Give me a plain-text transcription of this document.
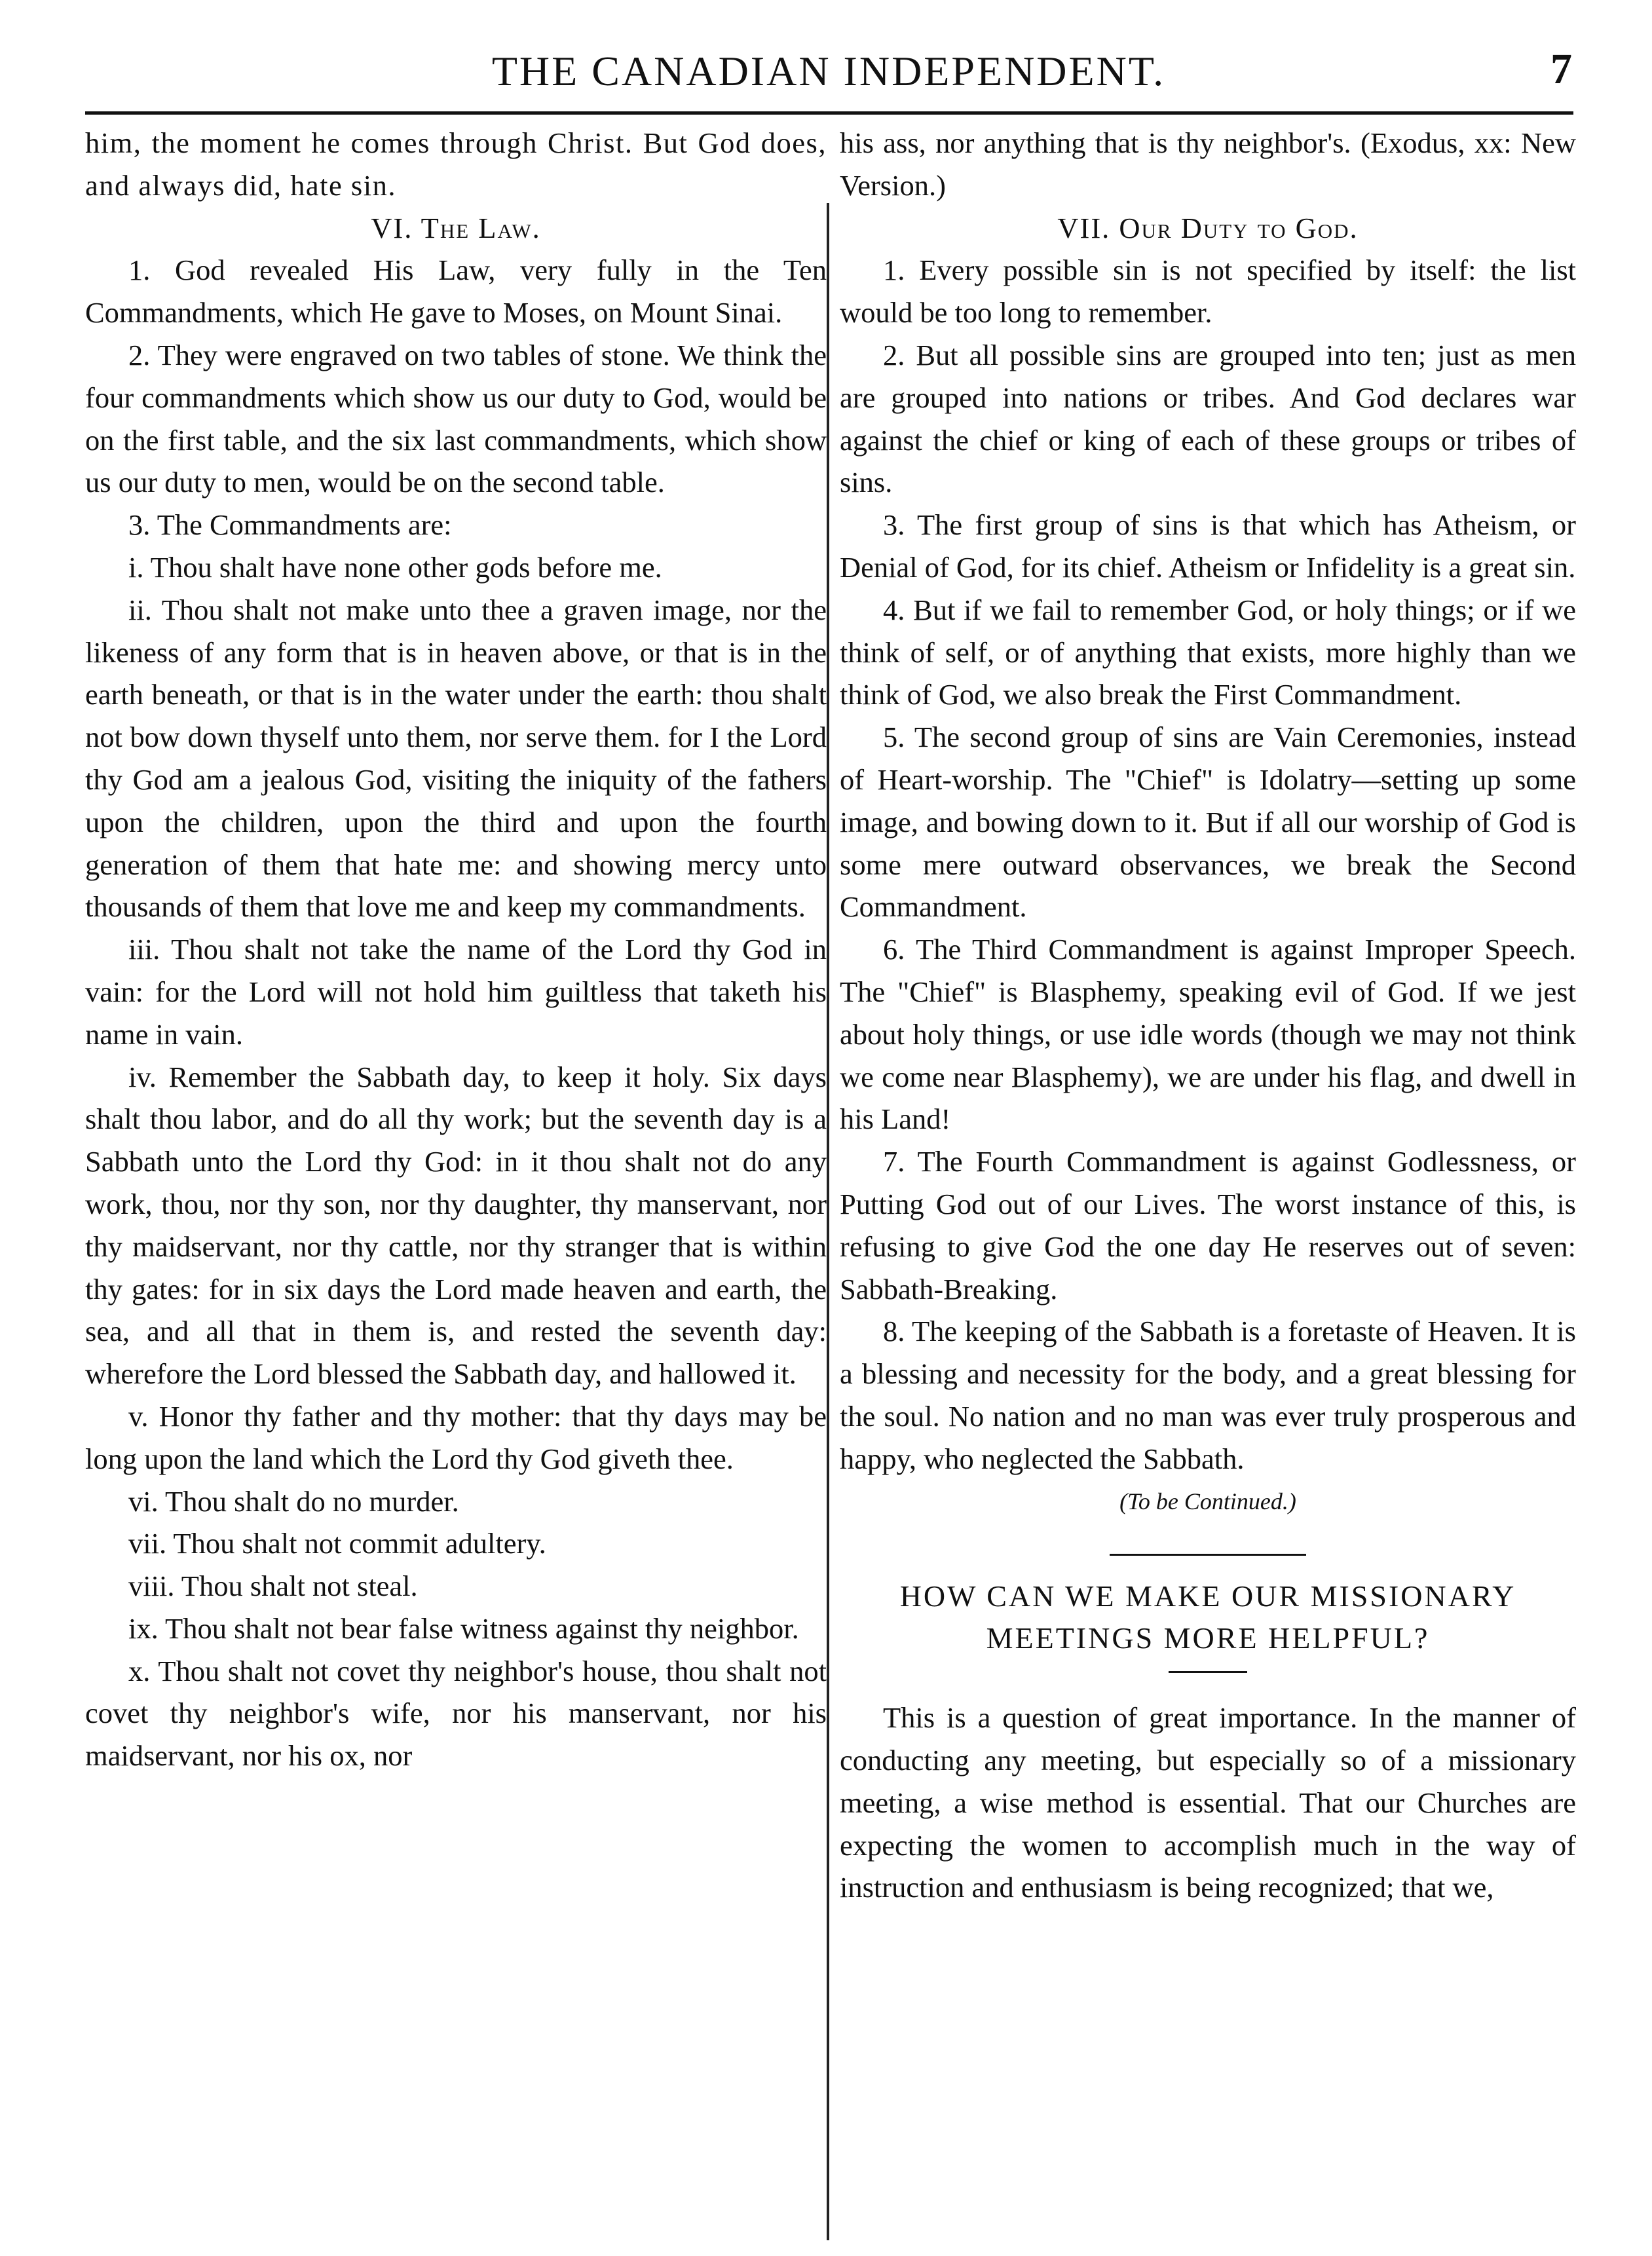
THE CANADIAN INDEPENDENT.	7

him, the moment he comes through Christ. But God does, and always did, hate sin.

VI. The Law.

1. God revealed His Law, very fully in the Ten Commandments, which He gave to Moses, on Mount Sinai.

2. They were engraved on two tables of stone. We think the four commandments which show us our duty to God, would be on the first table, and the six last commandments, which show us our duty to men, would be on the second table.

3. The Commandments are:

i. Thou shalt have none other gods before me.

ii. Thou shalt not make unto thee a graven image, nor the likeness of any form that is in heaven above, or that is in the earth beneath, or that is in the water under the earth: thou shalt not bow down thyself unto them, nor serve them. for I the Lord thy God am a jealous God, visiting the iniquity of the fathers upon the children, upon the third and upon the fourth generation of them that hate me: and showing mercy unto thousands of them that love me and keep my commandments.

iii. Thou shalt not take the name of the Lord thy God in vain: for the Lord will not hold him guiltless that taketh his name in vain.

iv. Remember the Sabbath day, to keep it holy. Six days shalt thou labor, and do all thy work; but the seventh day is a Sabbath unto the Lord thy God: in it thou shalt not do any work, thou, nor thy son, nor thy daughter, thy manservant, nor thy maidservant, nor thy cattle, nor thy stranger that is within thy gates: for in six days the Lord made heaven and earth, the sea, and all that in them is, and rested the seventh day: wherefore the Lord blessed the Sabbath day, and hallowed it.

v. Honor thy father and thy mother: that thy days may be long upon the land which the Lord thy God giveth thee.

vi. Thou shalt do no murder.

vii. Thou shalt not commit adultery.

viii. Thou shalt not steal.

ix. Thou shalt not bear false witness against thy neighbor.

x. Thou shalt not covet thy neighbor's house, thou shalt not covet thy neighbor's wife, nor his manservant, nor his maidservant, nor his ox, nor

his ass, nor anything that is thy neighbor's. (Exodus, xx: New Version.)

VII. Our Duty to God.

1. Every possible sin is not specified by itself: the list would be too long to remember.

2. But all possible sins are grouped into ten; just as men are grouped into nations or tribes. And God declares war against the chief or king of each of these groups or tribes of sins.

3. The first group of sins is that which has Atheism, or Denial of God, for its chief. Atheism or Infidelity is a great sin.

4. But if we fail to remember God, or holy things; or if we think of self, or of anything that exists, more highly than we think of God, we also break the First Commandment.

5. The second group of sins are Vain Ceremonies, instead of Heart-worship. The "Chief" is Idolatry—setting up some image, and bowing down to it. But if all our worship of God is some mere outward observances, we break the Second Commandment.

6. The Third Commandment is against Improper Speech. The "Chief" is Blasphemy, speaking evil of God. If we jest about holy things, or use idle words (though we may not think we come near Blasphemy), we are under his flag, and dwell in his Land!

7. The Fourth Commandment is against Godlessness, or Putting God out of our Lives. The worst instance of this, is refusing to give God the one day He reserves out of seven: Sabbath-Breaking.

8. The keeping of the Sabbath is a foretaste of Heaven. It is a blessing and necessity for the body, and a great blessing for the soul. No nation and no man was ever truly prosperous and happy, who neglected the Sabbath.

(To be Continued.)

HOW CAN WE MAKE OUR MISSIONARY MEETINGS MORE HELPFUL?

This is a question of great importance. In the manner of conducting any meeting, but especially so of a missionary meeting, a wise method is essential. That our Churches are expecting the women to accomplish much in the way of instruction and enthusiasm is being recognized; that we,
